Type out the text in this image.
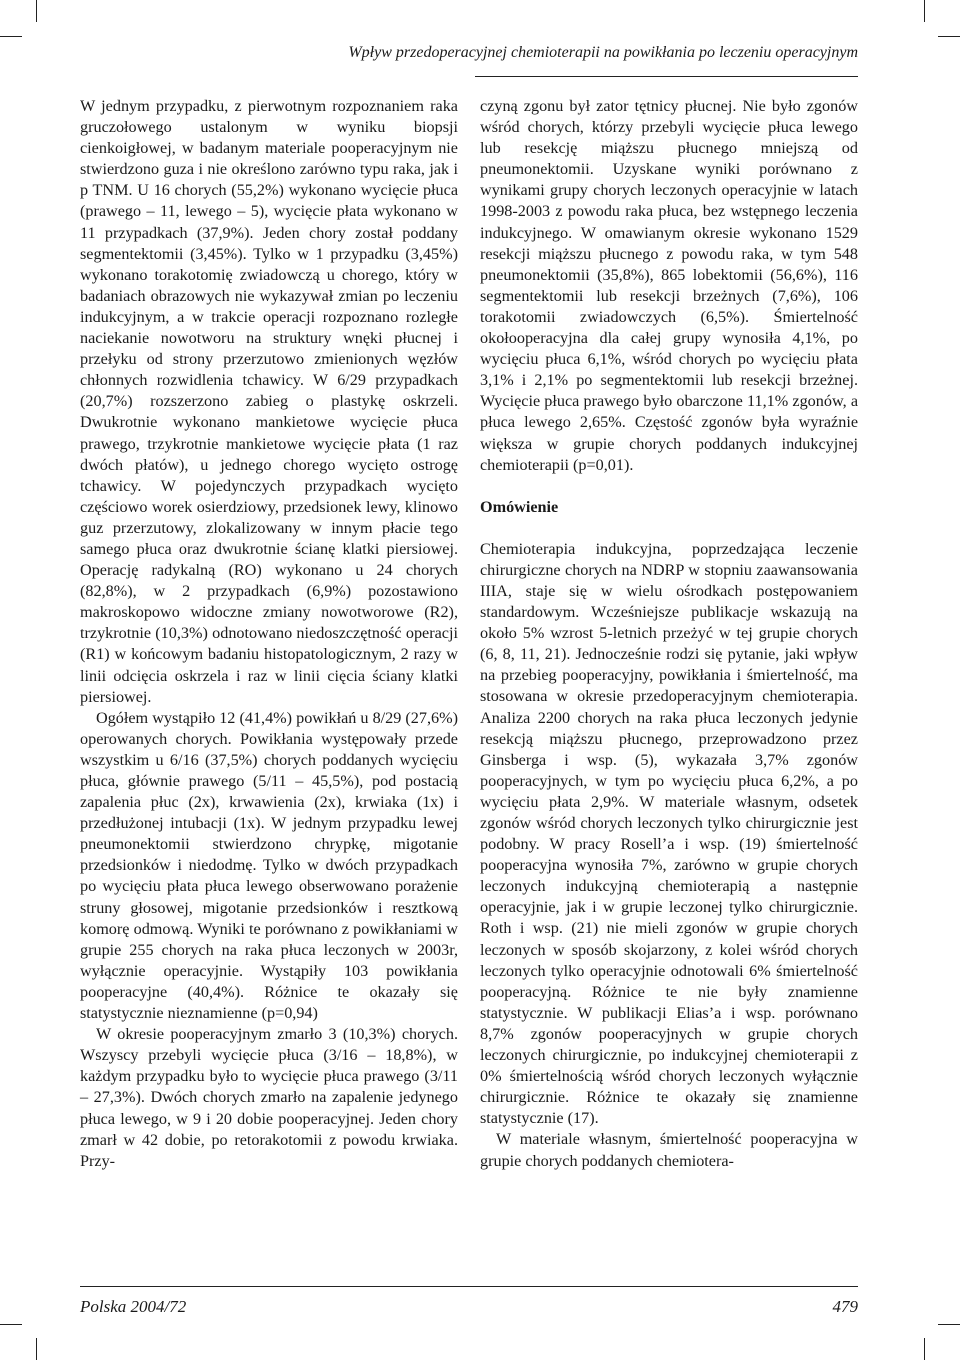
Wpływ przedoperacyjnej chemioterapii na powikłania po leczeniu operacyjnym

W jednym przypadku, z pierwotnym rozpoznaniem raka gruczołowego ustalonym w wyniku biopsji cienkoigłowej, w badanym materiale pooperacyjnym nie stwierdzono guza i nie określono zarówno typu raka, jak i p TNM. U 16 chorych (55,2%) wykonano wycięcie płuca (prawego – 11, lewego – 5), wycięcie płata wykonano w 11 przypadkach (37,9%). Jeden chory został poddany segmentektomii (3,45%). Tylko w 1 przypadku (3,45%) wykonano torakotomię zwiadowczą u chorego, który w badaniach obrazowych nie wykazywał zmian po leczeniu indukcyjnym, a w trakcie operacji rozpoznano rozległe naciekanie nowotworu na struktury wnęki płucnej i przełyku od strony przerzutowo zmienionych węzłów chłonnych rozwidlenia tchawicy. W 6/29 przypadkach (20,7%) rozszerzono zabieg o plastykę oskrzeli. Dwukrotnie wykonano mankietowe wycięcie płuca prawego, trzykrotnie mankietowe wycięcie płata (1 raz dwóch płatów), u jednego chorego wycięto ostrogę tchawicy. W pojedynczych przypadkach wycięto częściowo worek osierdziowy, przedsionek lewy, klinowo guz przerzutowy, zlokalizowany w innym płacie tego samego płuca oraz dwukrotnie ścianę klatki piersiowej. Operację radykalną (RO) wykonano u 24 chorych (82,8%), w 2 przypadkach (6,9%) pozostawiono makroskopowo widoczne zmiany nowotworowe (R2), trzykrotnie (10,3%) odnotowano niedoszczętność operacji (R1) w końcowym badaniu histopatologicznym, 2 razy w linii odcięcia oskrzela i raz w linii cięcia ściany klatki piersiowej.

Ogółem wystąpiło 12 (41,4%) powikłań u 8/29 (27,6%) operowanych chorych. Powikłania występowały przede wszystkim u 6/16 (37,5%) chorych poddanych wycięciu płuca, głównie prawego (5/11 – 45,5%), pod postacią zapalenia płuc (2x), krwawienia (2x), krwiaka (1x) i przedłużonej intubacji (1x). W jednym przypadku lewej pneumonektomii stwierdzono chrypkę, migotanie przedsionków i niedodmę. Tylko w dwóch przypadkach po wycięciu płata płuca lewego obserwowano porażenie struny głosowej, migotanie przedsionków i resztkową komorę odmową. Wyniki te porównano z powikłaniami w grupie 255 chorych na raka płuca leczonych w 2003r, wyłącznie operacyjnie. Wystąpiły 103 powikłania pooperacyjne (40,4%). Różnice te okazały się statystycznie nieznamienne (p=0,94)

W okresie pooperacyjnym zmarło 3 (10,3%) chorych. Wszyscy przebyli wycięcie płuca (3/16 – 18,8%), w każdym przypadku było to wycięcie płuca prawego (3/11 – 27,3%). Dwóch chorych zmarło na zapalenie jedynego płuca lewego, w 9 i 20 dobie pooperacyjnej. Jeden chory zmarł w 42 dobie, po retorakotomii z powodu krwiaka. Przy-

czyną zgonu był zator tętnicy płucnej. Nie było zgonów wśród chorych, którzy przebyli wycięcie płuca lewego lub resekcję miąższu płucnego mniejszą od pneumonektomii. Uzyskane wyniki porównano z wynikami grupy chorych leczonych operacyjnie w latach 1998-2003 z powodu raka płuca, bez wstępnego leczenia indukcyjnego. W omawianym okresie wykonano 1529 resekcji miąższu płucnego z powodu raka, w tym 548 pneumonektomii (35,8%), 865 lobektomii (56,6%), 116 segmentektomii lub resekcji brzeżnych (7,6%), 106 torakotomii zwiadowczych (6,5%). Śmiertelność okołooperacyjna dla całej grupy wynosiła 4,1%, po wycięciu płuca 6,1%, wśród chorych po wycięciu płata 3,1% i 2,1% po segmentektomii lub resekcji brzeżnej. Wycięcie płuca prawego było obarczone 11,1% zgonów, a płuca lewego 2,65%. Częstość zgonów była wyraźnie większa w grupie chorych poddanych indukcyjnej chemioterapii (p=0,01).

Omówienie

Chemioterapia indukcyjna, poprzedzająca leczenie chirurgiczne chorych na NDRP w stopniu zaawansowania IIIA, staje się w wielu ośrodkach postępowaniem standardowym. Wcześniejsze publikacje wskazują na około 5% wzrost 5-letnich przeżyć w tej grupie chorych (6, 8, 11, 21). Jednocześnie rodzi się pytanie, jaki wpływ na przebieg pooperacyjny, powikłania i śmiertelność, ma stosowana w okresie przedoperacyjnym chemioterapia. Analiza 2200 chorych na raka płuca leczonych jedynie resekcją miąższu płucnego, przeprowadzono przez Ginsberga i wsp. (5), wykazała 3,7% zgonów pooperacyjnych, w tym po wycięciu płuca 6,2%, a po wycięciu płata 2,9%. W materiale własnym, odsetek zgonów wśród chorych leczonych tylko chirurgicznie jest podobny. W pracy Rosell’a i wsp. (19) śmiertelność pooperacyjna wynosiła 7%, zarówno w grupie chorych leczonych indukcyjną chemioterapią a następnie operacyjnie, jak i w grupie leczonej tylko chirurgicznie. Roth i wsp. (21) nie mieli zgonów w grupie chorych leczonych w sposób skojarzony, z kolei wśród chorych leczonych tylko operacyjnie odnotowali 6% śmiertelność pooperacyjną. Różnice te nie były znamienne statystycznie. W publikacji Elias’a i wsp. porównano 8,7% zgonów pooperacyjnych w grupie chorych leczonych chirurgicznie, po indukcyjnej chemioterapii z 0% śmiertelnością wśród chorych leczonych wyłącznie chirurgicznie. Różnice te okazały się znamienne statystycznie (17).

W materiale własnym, śmiertelność pooperacyjna w grupie chorych poddanych chemiotera-

Polska 2004/72	479
